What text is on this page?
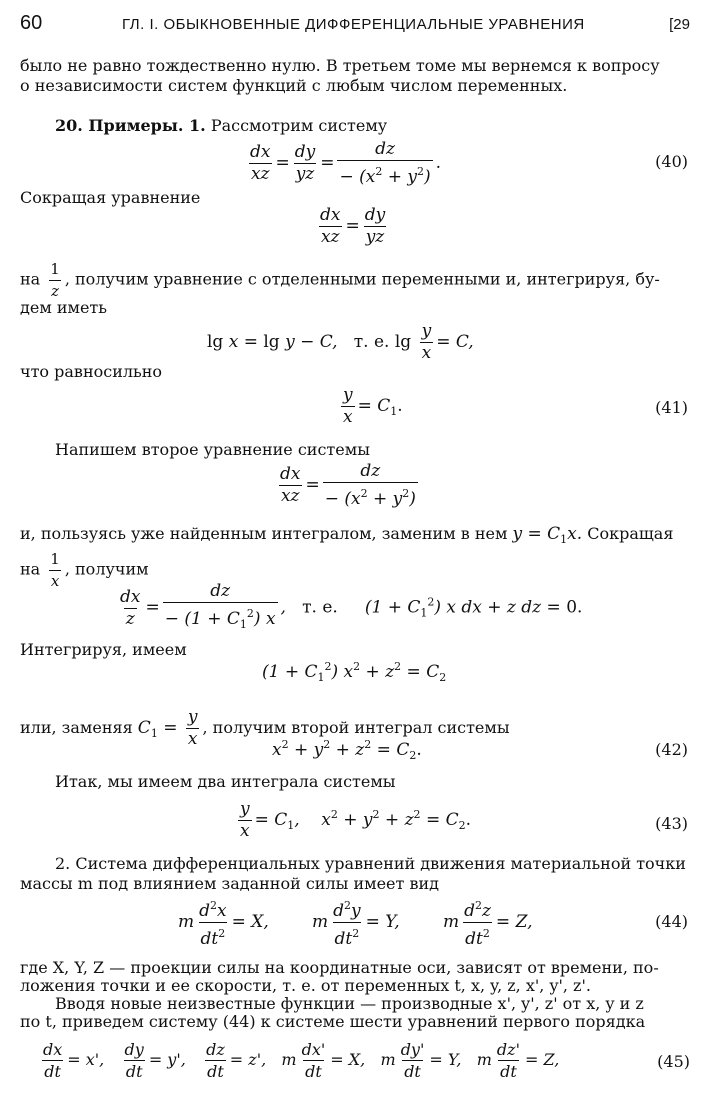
60	ГЛ. I. ОБЫКНОВЕННЫЕ ДИФФЕРЕНЦИАЛЬНЫЕ УРАВНЕНИЯ	[29
было не равно тождественно нулю. В третьем томе мы вернемся к вопросу
о независимости систем функций с любым числом переменных.
20. Примеры. 1. Рассмотрим систему
$\frac{dx}{xz} = \frac{dy}{yz} = \frac{dz}{- (x^2 + y^2)}$ .	(40)
Сокращая уравнение
$\frac{dx}{xz} = \frac{dy}{yz}$
на $\frac{1}{z}$ , получим уравнение с отделенными переменными и, интегрируя, бу-
дем иметь
lg x = lg y − C,   т. е. $\lg \frac{y}{x} = C$,
что равносильно
$\frac{y}{x} = C_1$.	(41)
Напишем второе уравнение системы
$\frac{dx}{xz} = \frac{dz}{- (x^2 + y^2)}$
и, пользуясь уже найденным интегралом, заменим в нем $y = C_1x$. Сокращая
на $\frac{1}{x}$ , получим
$\frac{dx}{z} = \frac{dz}{- (1 + C_1^2) x}$ ,   т. е.     $(1 + C_1^2)$ x dx + z dz = 0.
Интегрируя, имеем
$(1 + C_1^2)$ $x^2 + z^2 = C_2$
или, заменяя $C_1 = \frac{y}{x}$ , получим второй интеграл системы
$x^2 + y^2 + z^2 = C_2$.	(42)
Итак, мы имеем два интеграла системы
$\frac{y}{x} = C_1$,    $x^2 + y^2 + z^2 = C_2$.	(43)
2. Система дифференциальных уравнений движения материальной точки
массы m под влиянием заданной силы имеет вид
m $\frac{d^2x}{dt^2} = X$,        m $\frac{d^2y}{dt^2} = Y$,        m $\frac{d^2z}{dt^2} = Z$,	(44)
где X, Y, Z — проекции силы на координатные оси, зависят от времени, по-
ложения точки и ее скорости, т. е. от переменных t, x, y, z, x', y', z'.
Вводя новые неизвестные функции — производные x', y', z' от x, y и z
по t, приведем систему (44) к системе шести уравнений первого порядка
$\frac{dx}{dt} = x'$, $\frac{dy}{dt} = y'$, $\frac{dz}{dt} = z'$,   m $\frac{dx'}{dt} = X$,   m $\frac{dy'}{dt} = Y$,   m $\frac{dz'}{dt} = Z$,	(45)
